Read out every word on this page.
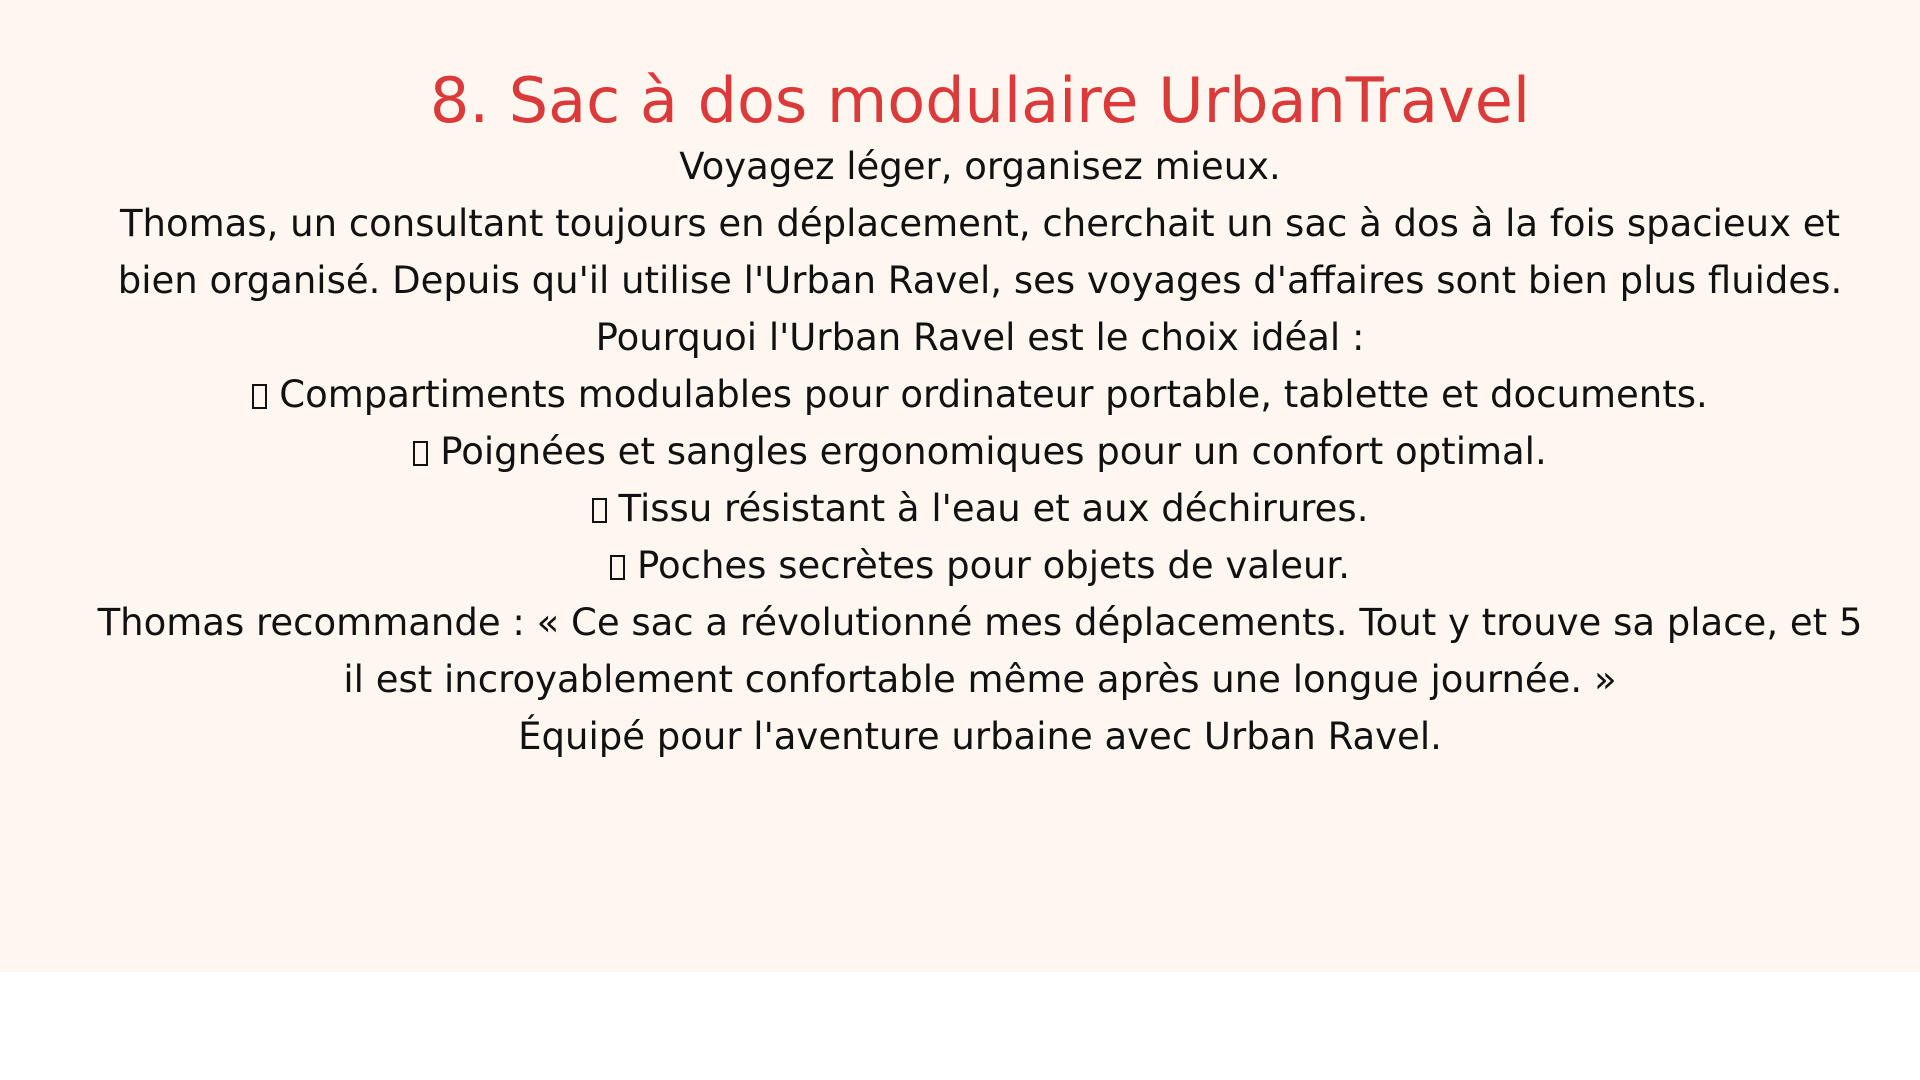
8. Sac à dos modulaire UrbanTravel

Voyagez léger, organisez mieux.

Thomas, un consultant toujours en déplacement, cherchait un sac à dos à la fois spacieux et

bien organisé. Depuis qu'il utilise l'Urban Ravel, ses voyages d'affaires sont bien plus fluides.

Pourquoi l'Urban Ravel est le choix idéal :

Compartiments modulables pour ordinateur portable, tablette et documents.

Poignées et sangles ergonomiques pour un confort optimal.

Tissu résistant à l'eau et aux déchirures.

Poches secrètes pour objets de valeur.

Thomas recommande : « Ce sac a révolutionné mes déplacements. Tout y trouve sa place, et 5

il est incroyablement confortable même après une longue journée. »

Équipé pour l'aventure urbaine avec Urban Ravel.
